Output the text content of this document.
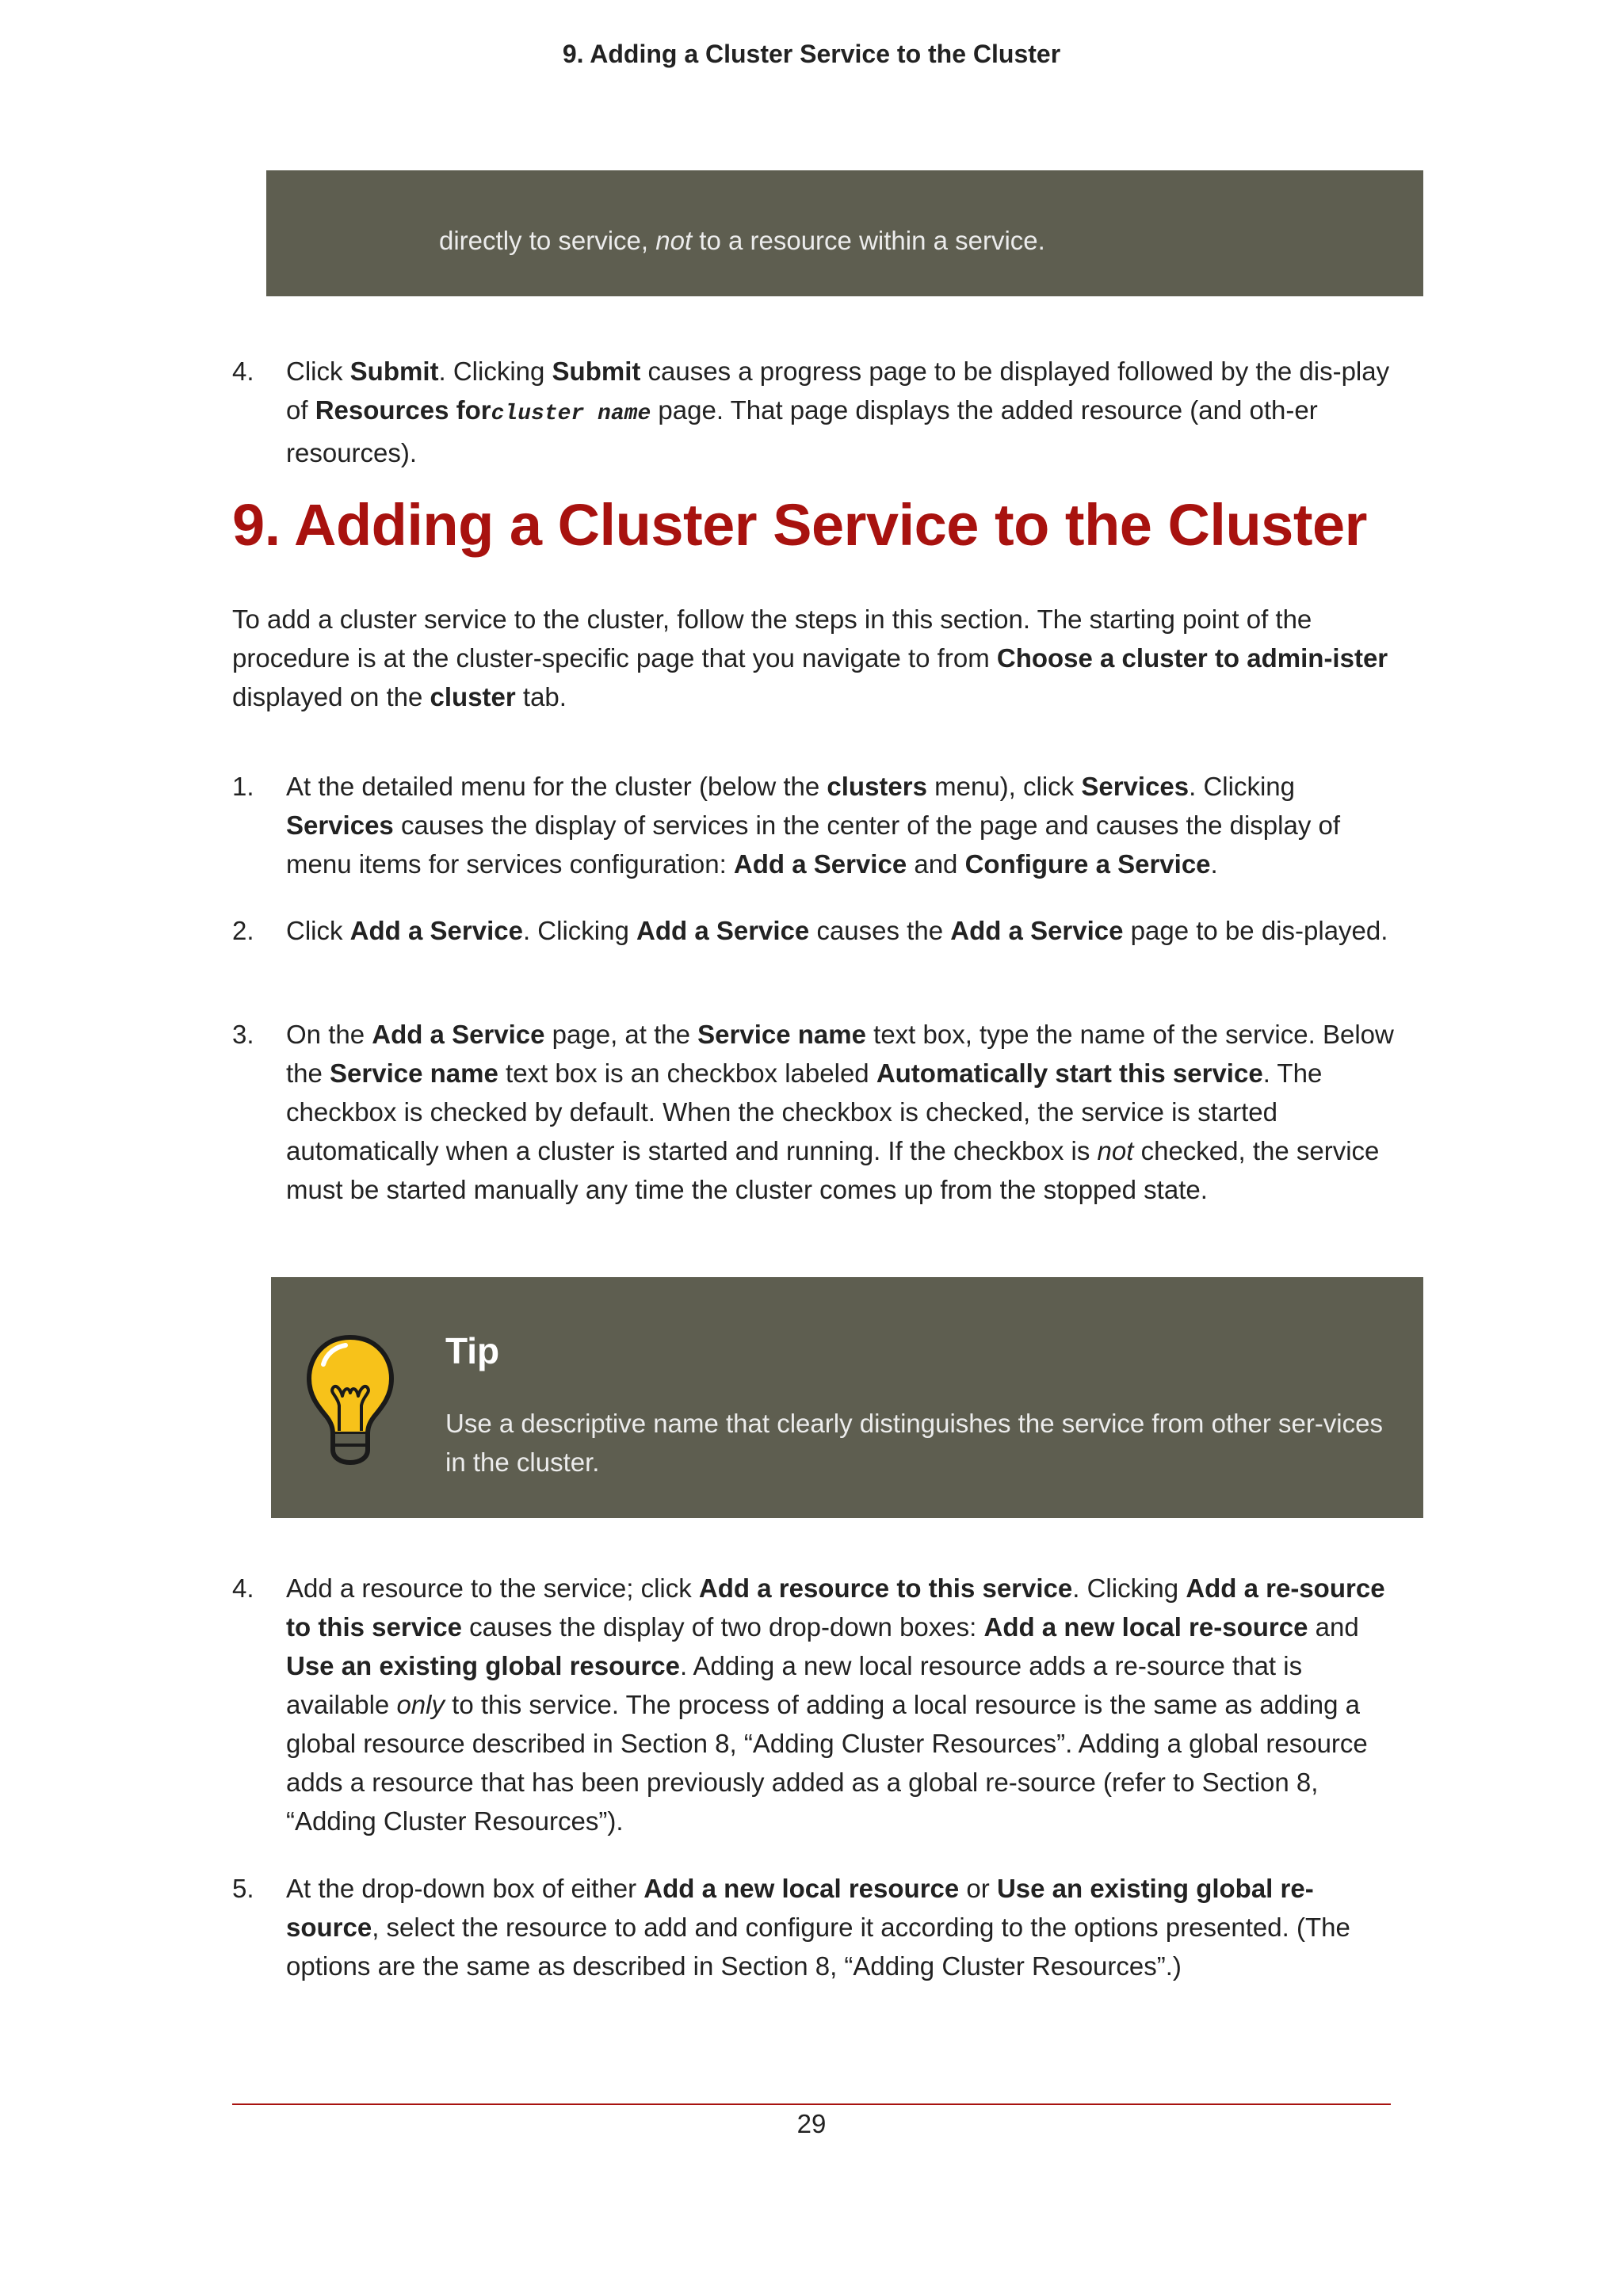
9. Adding a Cluster Service to the Cluster
directly to service, not to a resource within a service.
4.	Click Submit. Clicking Submit causes a progress page to be displayed followed by the dis-play of Resources forcluster name page. That page displays the added resource (and oth-er resources).
9. Adding a Cluster Service to the Cluster

To add a cluster service to the cluster, follow the steps in this section. The starting point of the procedure is at the cluster-specific page that you navigate to from Choose a cluster to admin-ister displayed on the cluster tab.

1.	At the detailed menu for the cluster (below the clusters menu), click Services. Clicking Services causes the display of services in the center of the page and causes the display of menu items for services configuration: Add a Service and Configure a Service.
2.	Click Add a Service. Clicking Add a Service causes the Add a Service page to be dis-played.
3.	On the Add a Service page, at the Service name text box, type the name of the service. Below the Service name text box is an checkbox labeled Automatically start this service. The checkbox is checked by default. When the checkbox is checked, the service is started automatically when a cluster is started and running. If the checkbox is not checked, the service must be started manually any time the cluster comes up from the stopped state.
Tip
Use a descriptive name that clearly distinguishes the service from other ser-vices in the cluster.
4.	Add a resource to the service; click Add a resource to this service. Clicking Add a re-source to this service causes the display of two drop-down boxes: Add a new local re-source and Use an existing global resource. Adding a new local resource adds a re-source that is available only to this service. The process of adding a local resource is the same as adding a global resource described in Section 8, “Adding Cluster Resources”. Adding a global resource adds a resource that has been previously added as a global re-source (refer to Section 8, “Adding Cluster Resources”).
5.	At the drop-down box of either Add a new local resource or Use an existing global re-source, select the resource to add and configure it according to the options presented. (The options are the same as described in Section 8, “Adding Cluster Resources”.)
29
